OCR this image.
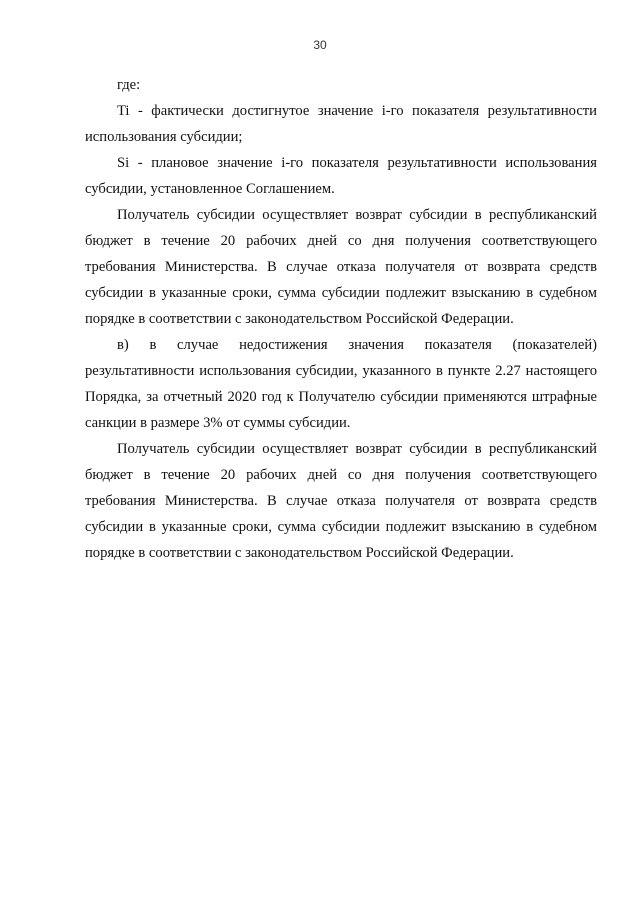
30

где:

Ti - фактически достигнутое значение i-го показателя результативности использования субсидии;

Si - плановое значение i-го показателя результативности использования субсидии, установленное Соглашением.

Получатель субсидии осуществляет возврат субсидии в республиканский бюджет в течение 20 рабочих дней со дня получения соответствующего требования Министерства. В случае отказа получателя от возврата средств субсидии в указанные сроки, сумма субсидии подлежит взысканию в судебном порядке в соответствии с законодательством Российской Федерации.

в) в случае недостижения значения показателя (показателей) результативности использования субсидии, указанного в пункте 2.27 настоящего Порядка, за отчетный 2020 год к Получателю субсидии применяются штрафные санкции в размере 3% от суммы субсидии.

Получатель субсидии осуществляет возврат субсидии в республиканский бюджет в течение 20 рабочих дней со дня получения соответствующего требования Министерства. В случае отказа получателя от возврата средств субсидии в указанные сроки, сумма субсидии подлежит взысканию в судебном порядке в соответствии с законодательством Российской Федерации.
